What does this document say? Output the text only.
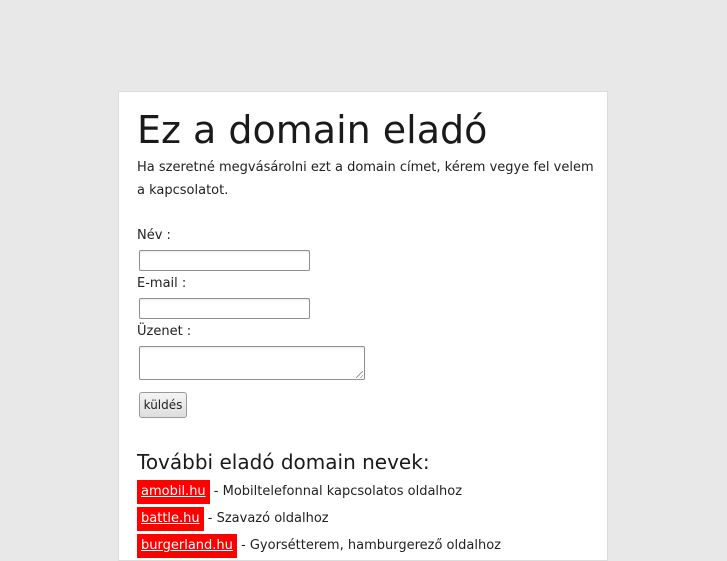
Ez a domain eladó

Ha szeretné megvásárolni ezt a domain címet, kérem vegye fel velem a kapcsolatot.

Név :
E-mail :
Üzenet :
küldés
További eladó domain nevek:
amobil.hu - Mobiltelefonnal kapcsolatos oldalhoz
battle.hu - Szavazó oldalhoz
burgerland.hu - Gyorsétterem, hamburgerező oldalhoz
